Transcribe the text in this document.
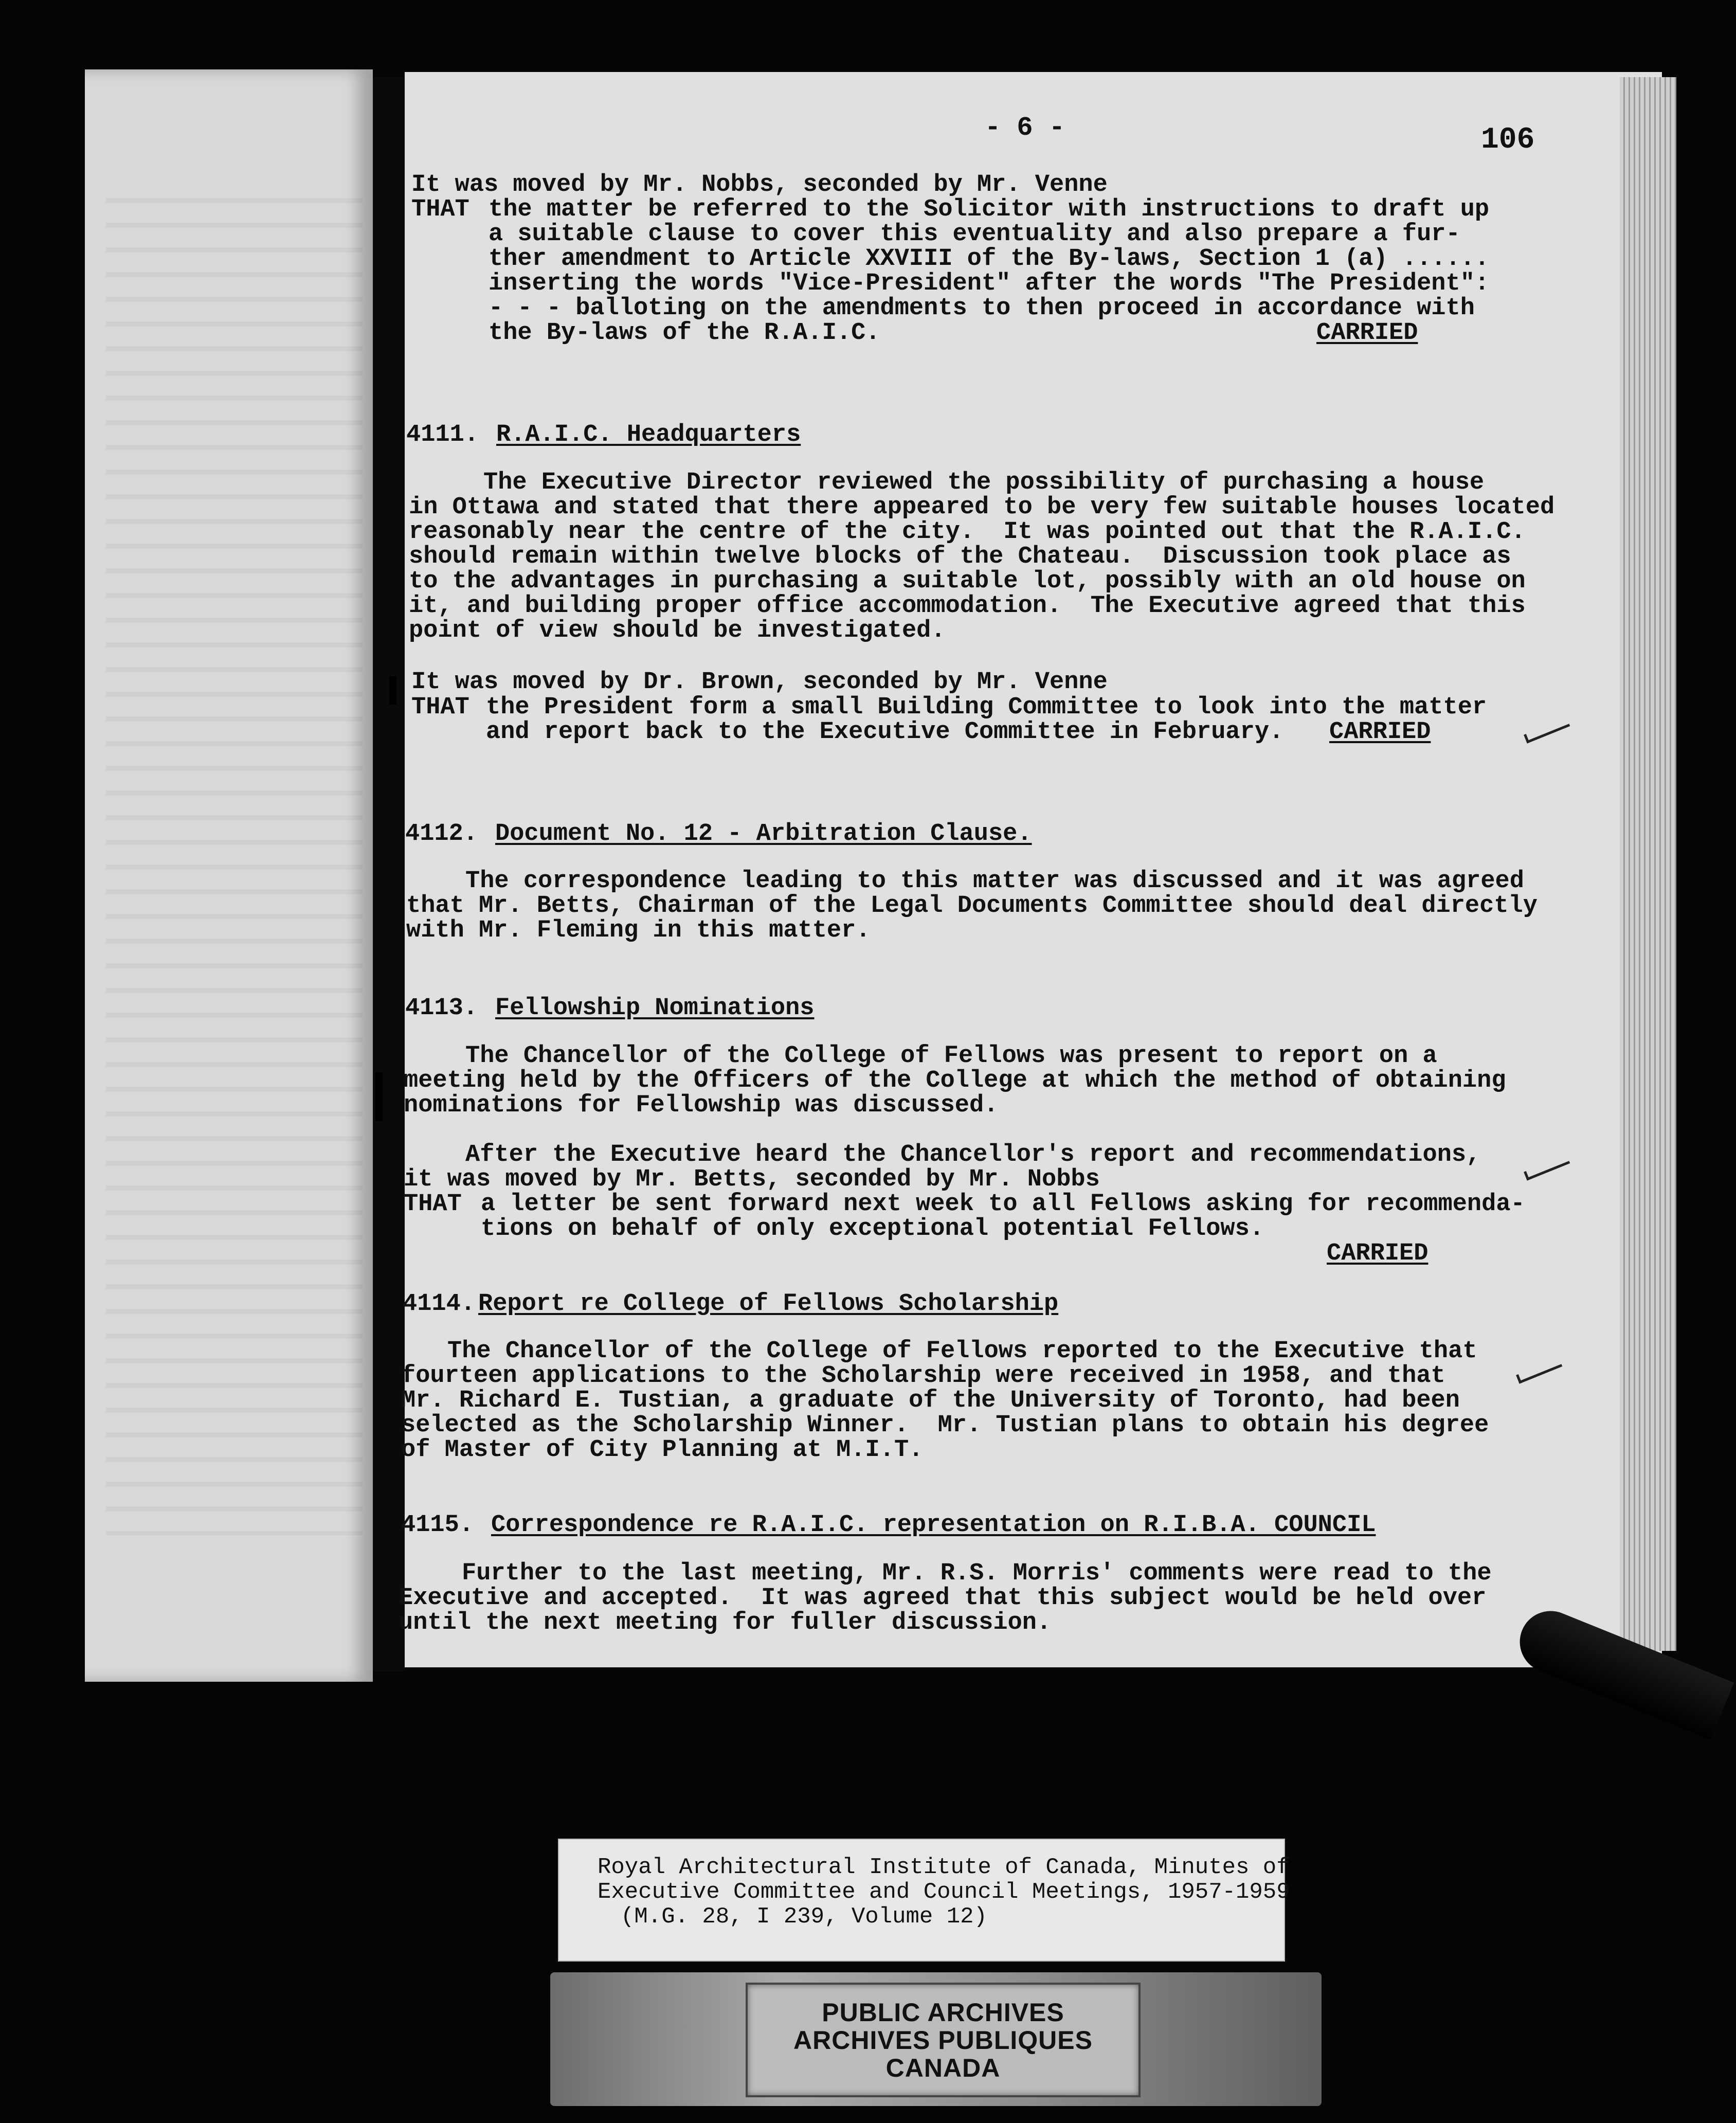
- 6 -	106
It was moved by Mr. Nobbs, seconded by Mr. Venne
THAT the matter be referred to the Solicitor with instructions to draft up
a suitable clause to cover this eventuality and also prepare a fur-
ther amendment to Article XXVIII of the By-laws, Section 1 (a) ......
inserting the words "Vice-President" after the words "The President":
- - - balloting on the amendments to then proceed in accordance with
the By-laws of the R.A.I.C.	CARRIED
4111. R.A.I.C. Headquarters
The Executive Director reviewed the possibility of purchasing a house
in Ottawa and stated that there appeared to be very few suitable houses located
reasonably near the centre of the city.  It was pointed out that the R.A.I.C.
should remain within twelve blocks of the Chateau.  Discussion took place as
to the advantages in purchasing a suitable lot, possibly with an old house on
it, and building proper office accommodation.  The Executive agreed that this
point of view should be investigated.
It was moved by Dr. Brown, seconded by Mr. Venne
THAT the President form a small Building Committee to look into the matter
and report back to the Executive Committee in February. CARRIED
4112. Document No. 12 - Arbitration Clause.
The correspondence leading to this matter was discussed and it was agreed
that Mr. Betts, Chairman of the Legal Documents Committee should deal directly
with Mr. Fleming in this matter.
4113. Fellowship Nominations
The Chancellor of the College of Fellows was present to report on a
meeting held by the Officers of the College at which the method of obtaining
nominations for Fellowship was discussed.
After the Executive heard the Chancellor's report and recommendations,
it was moved by Mr. Betts, seconded by Mr. Nobbs
THAT a letter be sent forward next week to all Fellows asking for recommenda-
tions on behalf of only exceptional potential Fellows.
CARRIED
4114. Report re College of Fellows Scholarship
The Chancellor of the College of Fellows reported to the Executive that
fourteen applications to the Scholarship were received in 1958, and that
Mr. Richard E. Tustian, a graduate of the University of Toronto, had been
selected as the Scholarship Winner.  Mr. Tustian plans to obtain his degree
of Master of City Planning at M.I.T.
4115. Correspondence re R.A.I.C. representation on R.I.B.A. COUNCIL
Further to the last meeting, Mr. R.S. Morris' comments were read to the
Executive and accepted.  It was agreed that this subject would be held over
until the next meeting for fuller discussion.
Royal Architectural Institute of Canada, Minutes of
Executive Committee and Council Meetings, 1957-1959
(M.G. 28, I 239, Volume 12)
PUBLIC ARCHIVES
ARCHIVES PUBLIQUES
CANADA
